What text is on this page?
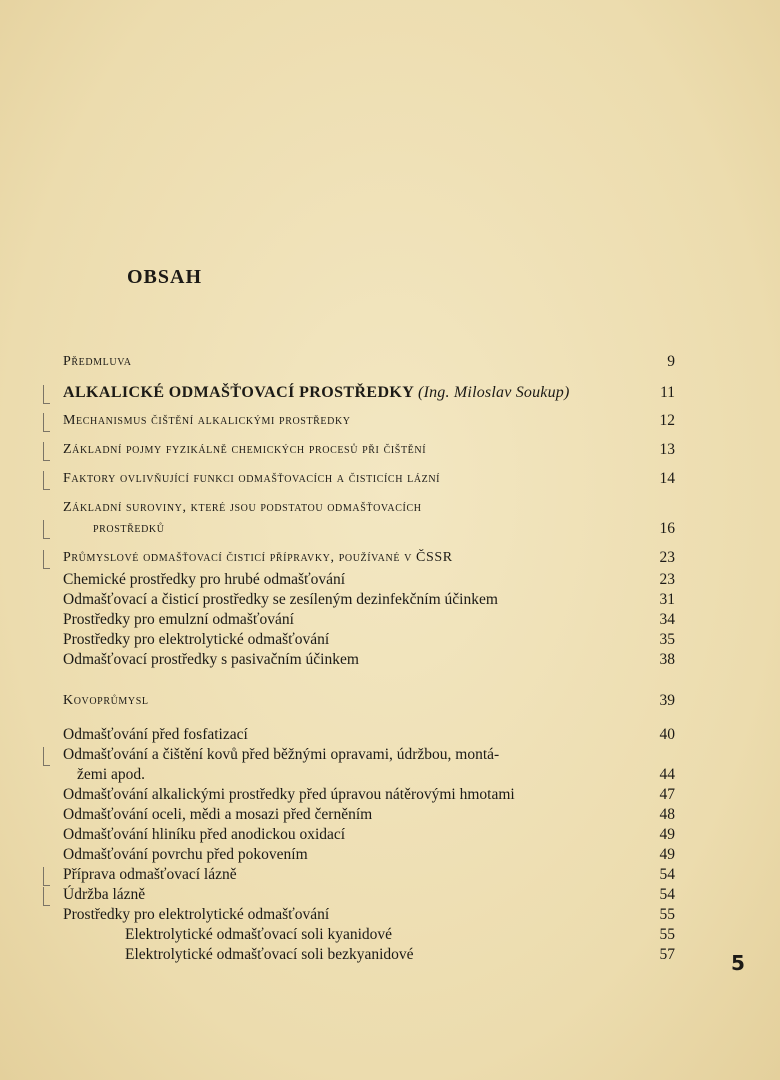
OBSAH
Předmluva	9
ALKALICKÉ ODMAŠŤOVACÍ PROSTŘEDKY (Ing. Miloslav Soukup)	11
Mechanismus čištění alkalickými prostředky	12
Základní pojmy fyzikálně chemických procesů při čištění	13
Faktory ovlivňující funkci odmašťovacích a čisticích lázní	14
Základní suroviny, které jsou podstatou odmašťovacích
prostředků	16
Průmyslové odmašťovací čisticí přípravky, používané v ČSSR	23
Chemické prostředky pro hrubé odmašťování	23
Odmašťovací a čisticí prostředky se zesíleným dezinfekčním účinkem	31
Prostředky pro emulzní odmašťování	34
Prostředky pro elektrolytické odmašťování	35
Odmašťovací prostředky s pasivačním účinkem	38
Kovoprůmysl	39
Odmašťování před fosfatizací	40
Odmašťování a čištění kovů před běžnými opravami, údržbou, montá-
žemi apod.	44
Odmašťování alkalickými prostředky před úpravou nátěrovými hmotami	47
Odmašťování oceli, mědi a mosazi před černěním	48
Odmašťování hliníku před anodickou oxidací	49
Odmašťování povrchu před pokovením	49
Příprava odmašťovací lázně	54
Údržba lázně	54
Prostředky pro elektrolytické odmašťování	55
Elektrolytické odmašťovací soli kyanidové	55
Elektrolytické odmašťovací soli bezkyanidové	57	5
